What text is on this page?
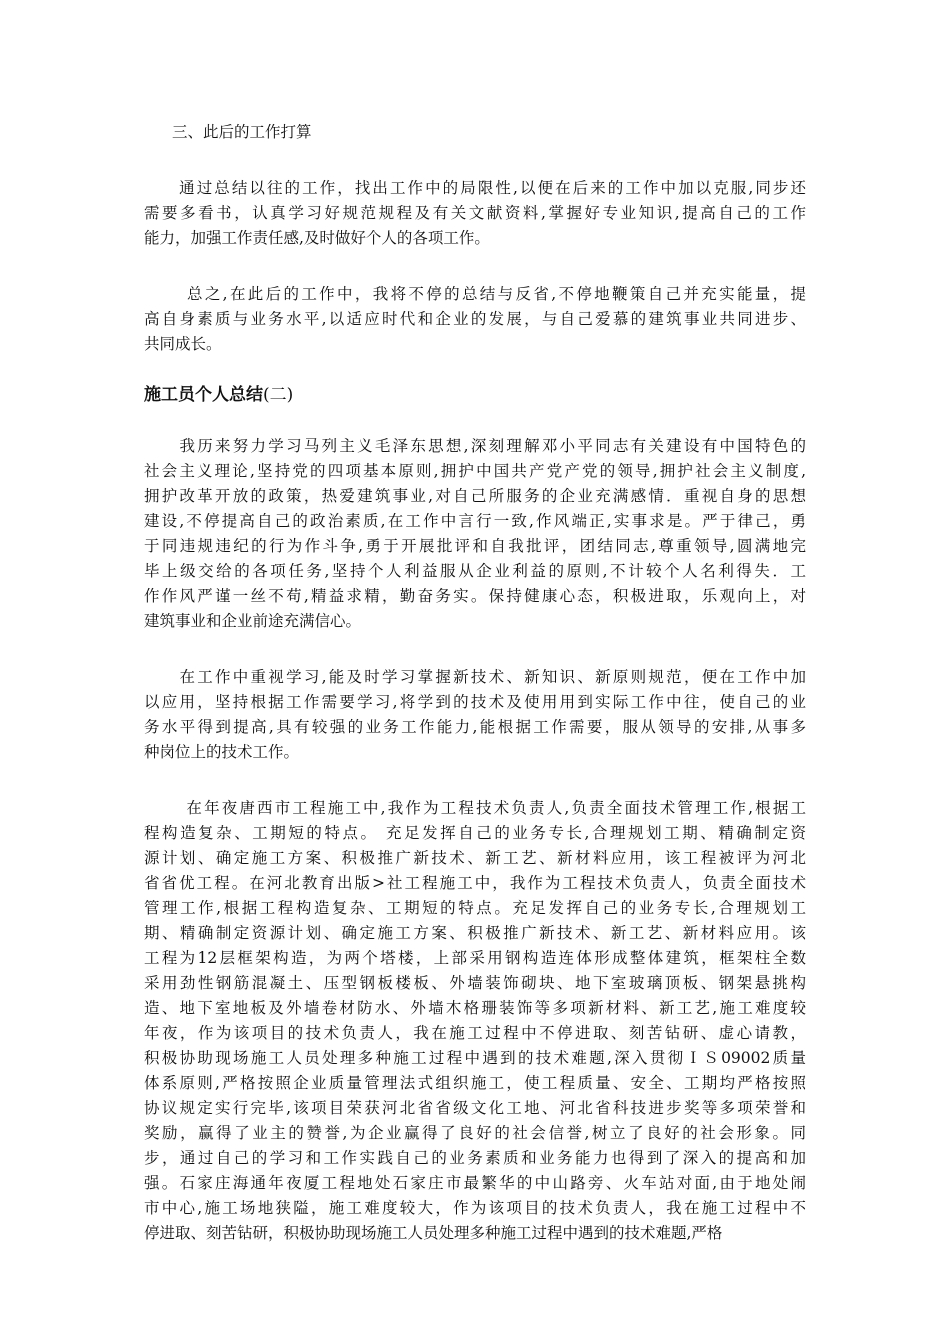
三、此后的工作打算
　　通过总结以往的工作，找出工作中的局限性,以便在后来的工作中加以克服,同步还
需要多看书，认真学习好规范规程及有关文献资料,掌握好专业知识,提高自己的工作
能力，加强工作责任感,及时做好个人的各项工作。
　　 总之,在此后的工作中，我将不停的总结与反省,不停地鞭策自己并充实能量，提
高自身素质与业务水平,以适应时代和企业的发展，与自己爱慕的建筑事业共同进步、
共同成长。
施工员个人总结(二)
　　我历来努力学习马列主义毛泽东思想,深刻理解邓小平同志有关建设有中国特色的
社会主义理论,坚持党的四项基本原则,拥护中国共产党产党的领导,拥护社会主义制度,
拥护改革开放的政策，热爱建筑事业,对自己所服务的企业充满感情．重视自身的思想
建设,不停提高自己的政治素质,在工作中言行一致,作风端正,实事求是。严于律己，勇
于同违规违纪的行为作斗争,勇于开展批评和自我批评，团结同志,尊重领导,圆满地完
毕上级交给的各项任务,坚持个人利益服从企业利益的原则,不计较个人名利得失．工
作作风严谨一丝不苟,精益求精，勤奋务实。保持健康心态，积极进取，乐观向上，对
建筑事业和企业前途充满信心。
　　在工作中重视学习,能及时学习掌握新技术、新知识、新原则规范，便在工作中加
以应用，坚持根据工作需要学习,将学到的技术及使用用到实际工作中往，使自己的业
务水平得到提高,具有较强的业务工作能力,能根据工作需要，服从领导的安排,从事多
种岗位上的技术工作。
　　 在年夜唐西市工程施工中,我作为工程技术负责人,负责全面技术管理工作,根据工
程构造复杂、工期短的特点。 充足发挥自己的业务专长,合理规划工期、精确制定资
源计划、确定施工方案、积极推广新技术、新工艺、新材料应用，该工程被评为河北
省省优工程。在河北教育出版>社工程施工中，我作为工程技术负责人，负责全面技术
管理工作,根据工程构造复杂、工期短的特点。充足发挥自己的业务专长,合理规划工
期、精确制定资源计划、确定施工方案、积极推广新技术、新工艺、新材料应用。该
工程为12层框架构造，为两个塔楼，上部采用钢构造连体形成整体建筑，框架柱全数
采用劲性钢筋混凝土、压型钢板楼板、外墙装饰砌块、地下室玻璃顶板、钢架悬挑构
造、地下室地板及外墙卷材防水、外墙木格珊装饰等多项新材料、新工艺,施工难度较
年夜，作为该项目的技术负责人，我在施工过程中不停进取、刻苦钻研、虚心请教，
积极协助现场施工人员处理多种施工过程中遇到的技术难题,深入贯彻ＩＳ09002质量
体系原则,严格按照企业质量管理法式组织施工，使工程质量、安全、工期均严格按照
协议规定实行完毕,该项目荣获河北省省级文化工地、河北省科技进步奖等多项荣誉和
奖励，赢得了业主的赞誉,为企业赢得了良好的社会信誉,树立了良好的社会形象。同
步，通过自己的学习和工作实践自己的业务素质和业务能力也得到了深入的提高和加
强。石家庄海通年夜厦工程地处石家庄市最繁华的中山路旁、火车站对面,由于地处闹
市中心,施工场地狭隘，施工难度较大，作为该项目的技术负责人，我在施工过程中不
停进取、刻苦钻研，积极协助现场施工人员处理多种施工过程中遇到的技术难题,严格
